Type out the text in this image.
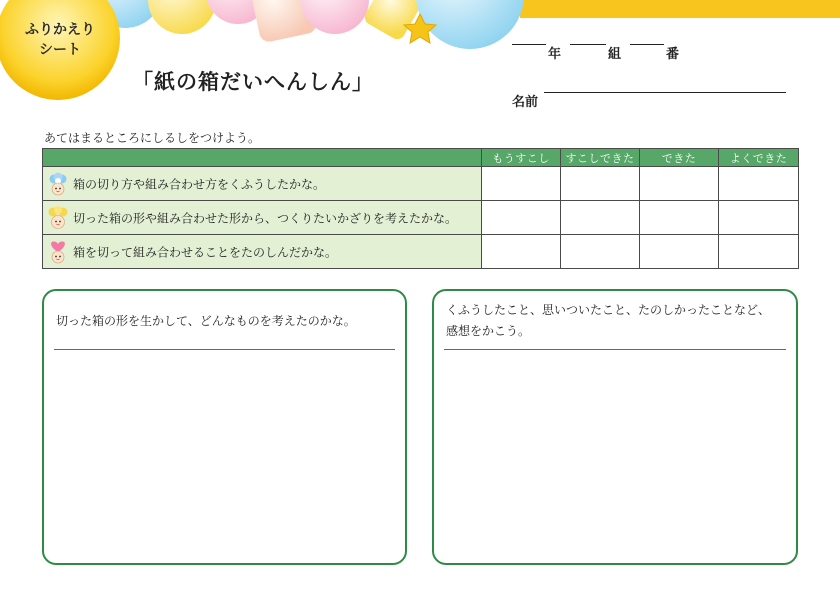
ふりかえり
シート
「紙の箱だいへんしん」
年	組	番
名前
あてはまるところにしるしをつけよう。
	もうすこし	すこしできた	できた	よくできた
箱の切り方や組み合わせ方をくふうしたかな。				
切った箱の形や組み合わせた形から、つくりたいかざりを考えたかな。				
箱を切って組み合わせることをたのしんだかな。				
切った箱の形を生かして、どんなものを考えたのかな。
くふうしたこと、思いついたこと、たのしかったことなど、
感想をかこう。
